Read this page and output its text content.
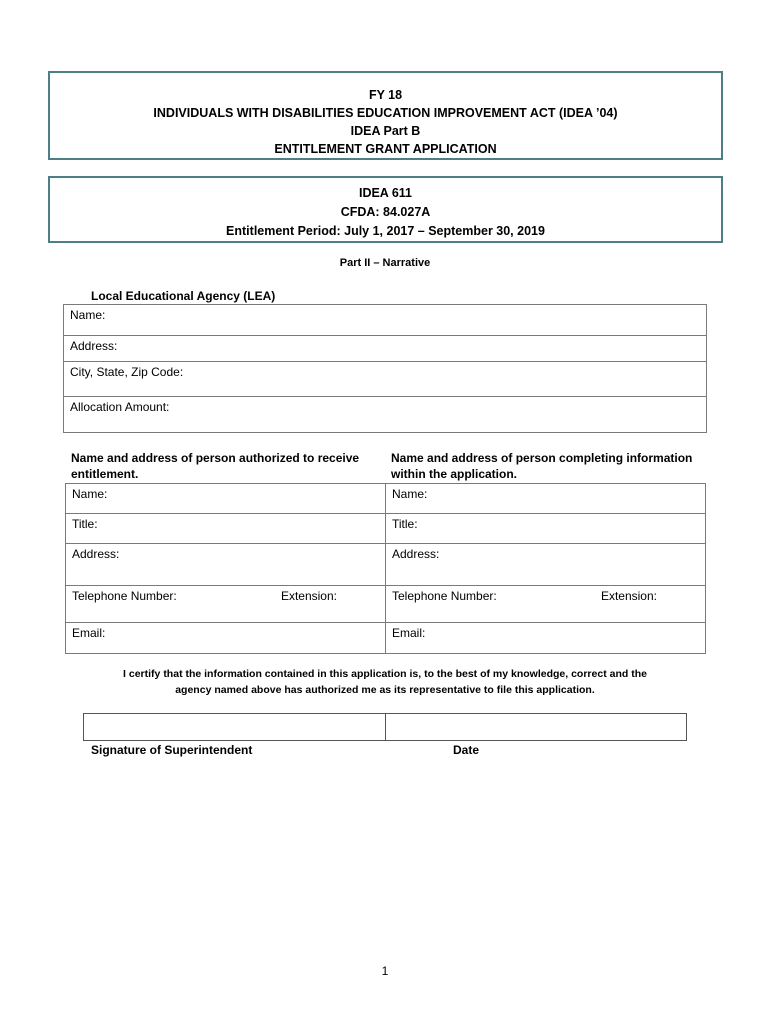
FY 18
INDIVIDUALS WITH DISABILITIES EDUCATION IMPROVEMENT ACT (IDEA ’04)
IDEA Part B
ENTITLEMENT GRANT APPLICATION
IDEA 611
CFDA: 84.027A
Entitlement Period: July 1, 2017 – September 30, 2019
Part II – Narrative
Local Educational Agency (LEA)
Name:
Address:
City, State, Zip Code:
Allocation Amount:
Name and address of person authorized to receive entitlement.
Name and address of person completing information within the application.
Name:	Name:
Title:	Title:
Address:	Address:

Telephone Number: Extension:	Telephone Number: Extension:

Email:	Email:
I certify that the information contained in this application is, to the best of my knowledge, correct and the
agency named above has authorized me as its representative to file this application.

Signature of Superintendent	Date
1
